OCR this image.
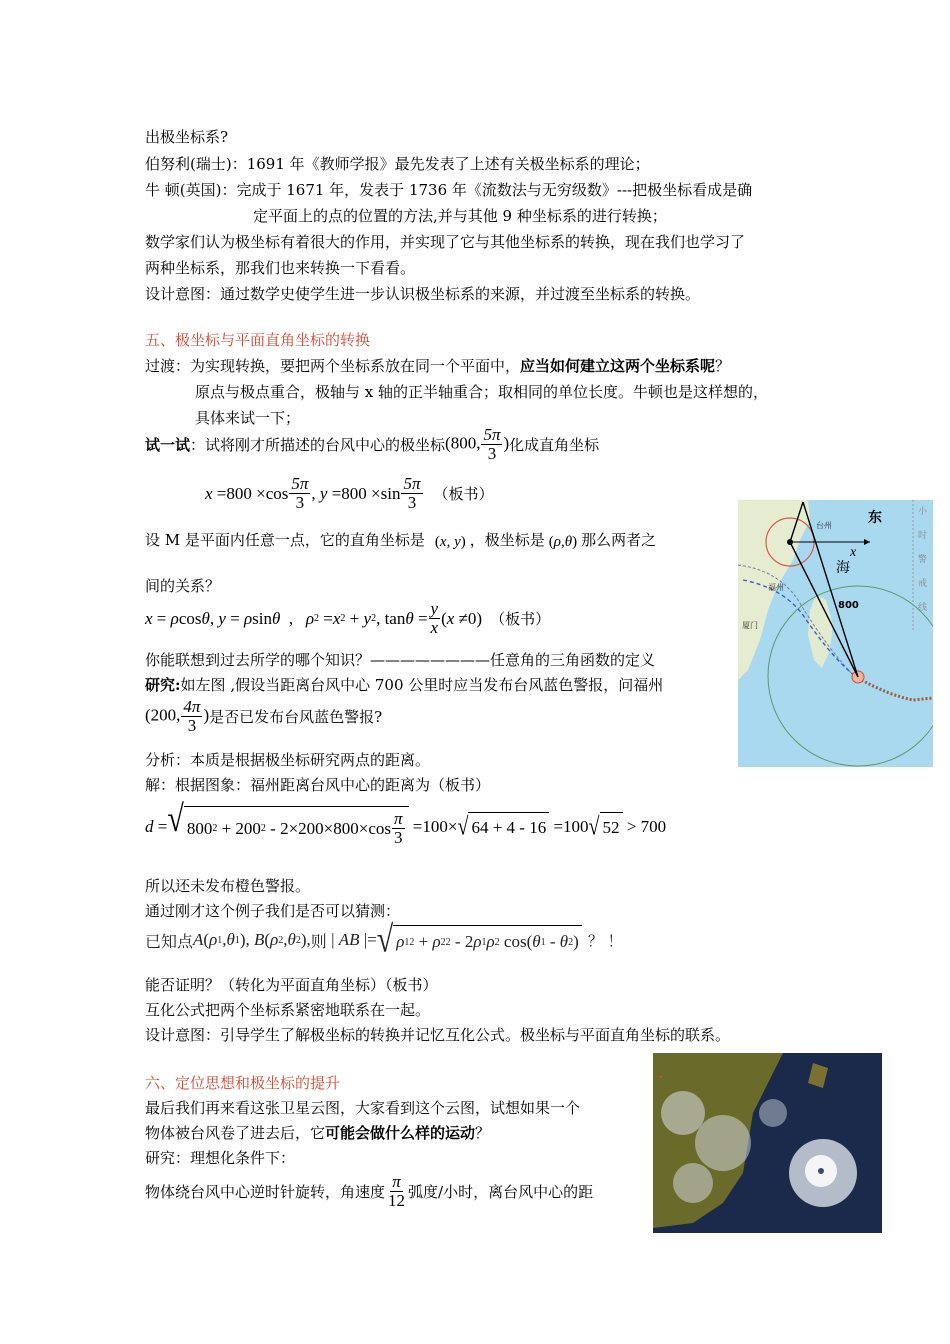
出极坐标系?
伯努利(瑞士)：1691 年《教师学报》最先发表了上述有关极坐标系的理论；
牛 顿(英国)：完成于 1671 年，发表于 1736 年《流数法与无穷级数》---把极坐标看成是确
定平面上的点的位置的方法,并与其他 9 种坐标系的进行转换；
数学家们认为极坐标有着很大的作用，并实现了它与其他坐标系的转换，现在我们也学习了
两种坐标系，那我们也来转换一下看看。
设计意图：通过数学史使学生进一步认识极坐标系的来源，并过渡至坐标系的转换。
五、极坐标与平面直角坐标的转换
过渡：为实现转换，要把两个坐标系放在同一个平面中，应当如何建立这两个坐标系呢？
原点与极点重合，极轴与 x 轴的正半轴重合；取相同的单位长度。牛顿也是这样想的，
具体来试一下；
试一试 ：试将刚才所描述的台风中心的极坐标 (800, $\frac{5\pi}{3}$ ) 化成直角坐标
$x =800 \times\cos \frac{5\pi}{3}$ , $y =800 \times\sin \frac{5\pi}{3}$ （板书）
设 M 是平面内任意一点，它的直角坐标是 (x, y) ，极坐标是 (ρ,θ) 那么两者之
间的关系？
x = ρ cos θ , y = ρ sin θ , ρ 2 = x 2 + y 2 , $\tan \theta = \frac{y}{x}$ ( x ≠0) （板书）
你能联想到过去所学的哪个知识？————————任意角的三角函数的定义
研究:如左图 ,假设当距离台风中心 700 公里时应当发布台风蓝色警报，问福州
(200, $\frac{4\pi}{3}$ ) 是否已发布台风蓝色警报?
分析：本质是根据极坐标研究两点的距离。
解：根据图象：福州距离台风中心的距离为（板书）
d = √ 800 2 + 200 $2 - 2\times 200\times 800\times\cos \frac{\pi}{3} =100\times$ √ 64 + 4 - 16 =100 √ 52 > 700
所以还未发布橙色警报。
通过刚才这个例子我们是否可以猜测：
已知点 A ( ρ 1 , θ 1 ), B ( ρ 2 , θ 2 ), 则 | AB |= √ ρ 1 2 + ρ 2 2 - 2 ρ 1 ρ 2 cos( θ 1 - θ 2 ) ？ ！
能否证明？（转化为平面直角坐标）（板书）
互化公式把两个坐标系紧密地联系在一起。
设计意图：引导学生了解极坐标的转换并记忆互化公式。极坐标与平面直角坐标的联系。
六、定位思想和极坐标的提升
最后我们再来看这张卫星云图，大家看到这个云图，试想如果一个
物体被台风卷了进去后，它可能会做什么样的运动？
研究：理想化条件下：
物体绕台风中心逆时针旋转，角速度 $\frac{\pi}{12}$ 弧度/小时，离台风中心的距
东
海
x
800
台州
福州
厦门
小
时
警
戒
线
•
